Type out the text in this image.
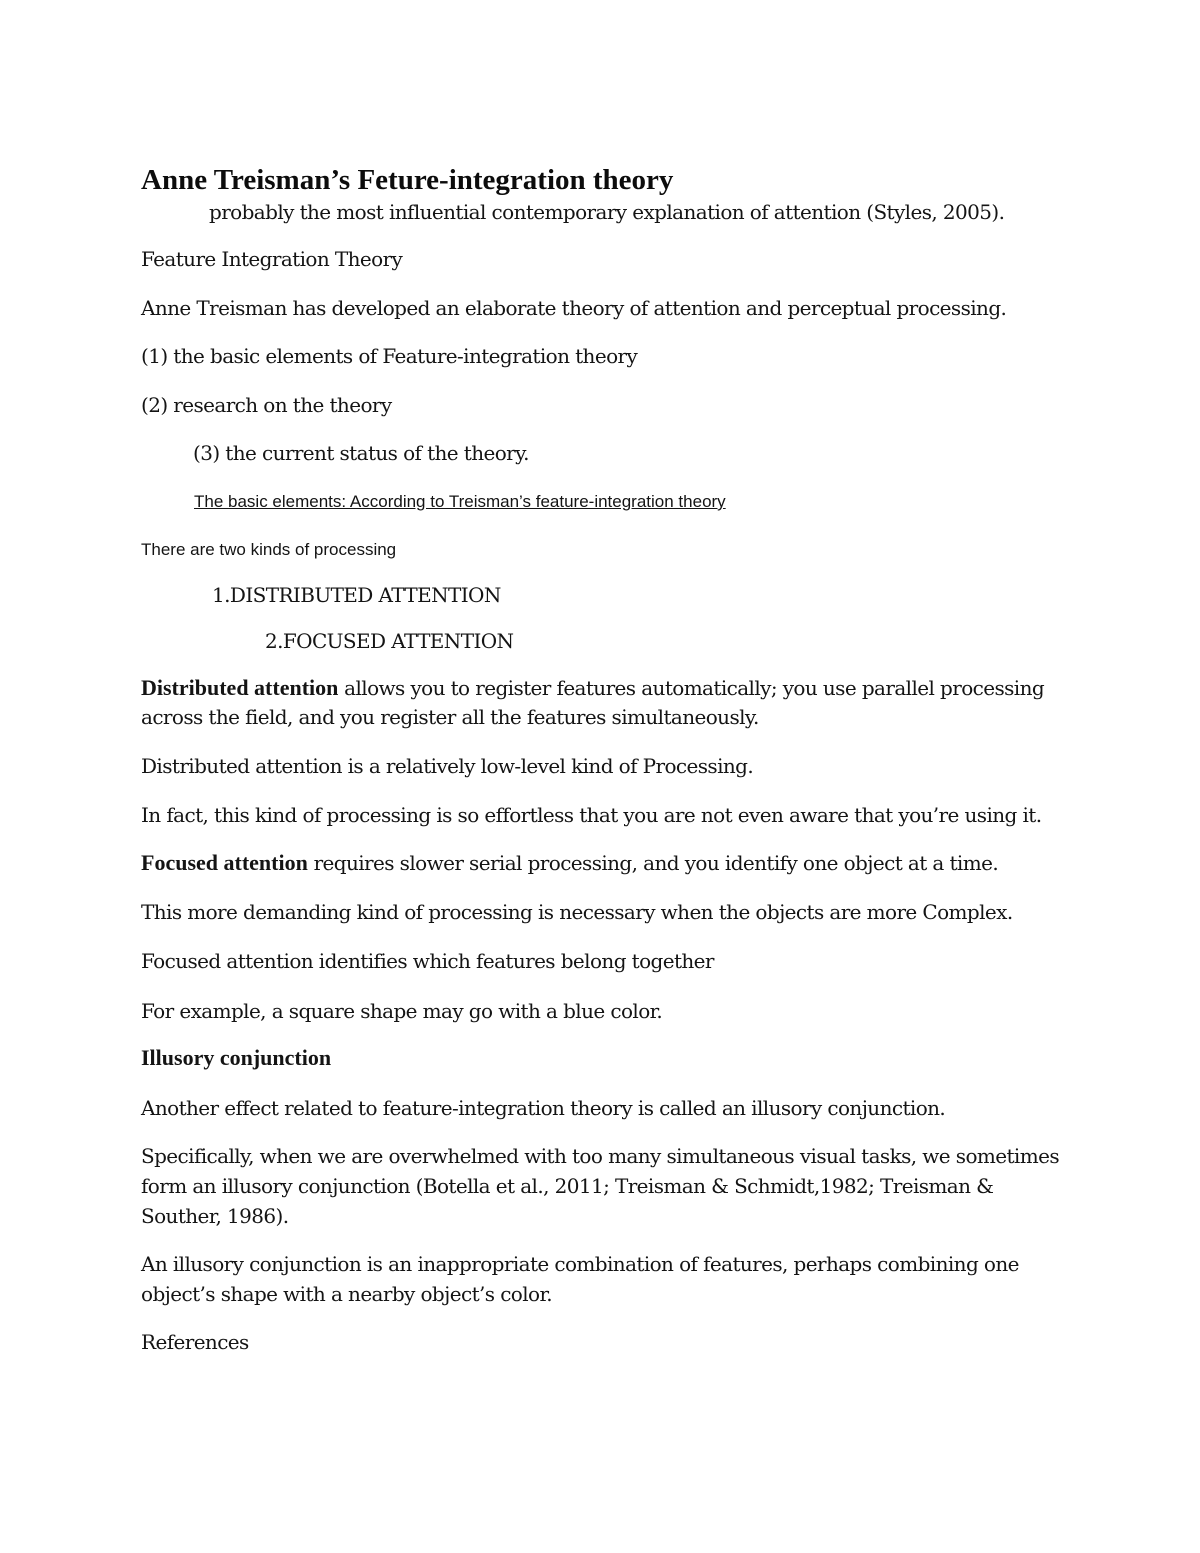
Anne Treisman’s Feture-integration theory
probably the most influential contemporary explanation of attention (Styles, 2005).
Feature Integration Theory
Anne Treisman has developed an elaborate theory of attention and perceptual processing.
(1) the basic elements of Feature-integration theory
(2) research on the theory
(3) the current status of the theory.
The basic elements: According to Treisman’s feature-integration theory
There are two kinds of processing
1.DISTRIBUTED ATTENTION
2.FOCUSED ATTENTION
Distributed attention allows you to register features automatically; you use parallel processing
across the field, and you register all the features simultaneously.
Distributed attention is a relatively low-level kind of Processing.
In fact, this kind of processing is so effortless that you are not even aware that you’re using it.
Focused attention requires slower serial processing, and you identify one object at a time.
This more demanding kind of processing is necessary when the objects are more Complex.
Focused attention identifies which features belong together
For example, a square shape may go with a blue color.
Illusory conjunction
Another effect related to feature-integration theory is called an illusory conjunction.
Specifically, when we are overwhelmed with too many simultaneous visual tasks, we sometimes
form an illusory conjunction (Botella et al., 2011; Treisman & Schmidt,1982; Treisman &
Souther, 1986).
An illusory conjunction is an inappropriate combination of features, perhaps combining one
object’s shape with a nearby object’s color.
References
